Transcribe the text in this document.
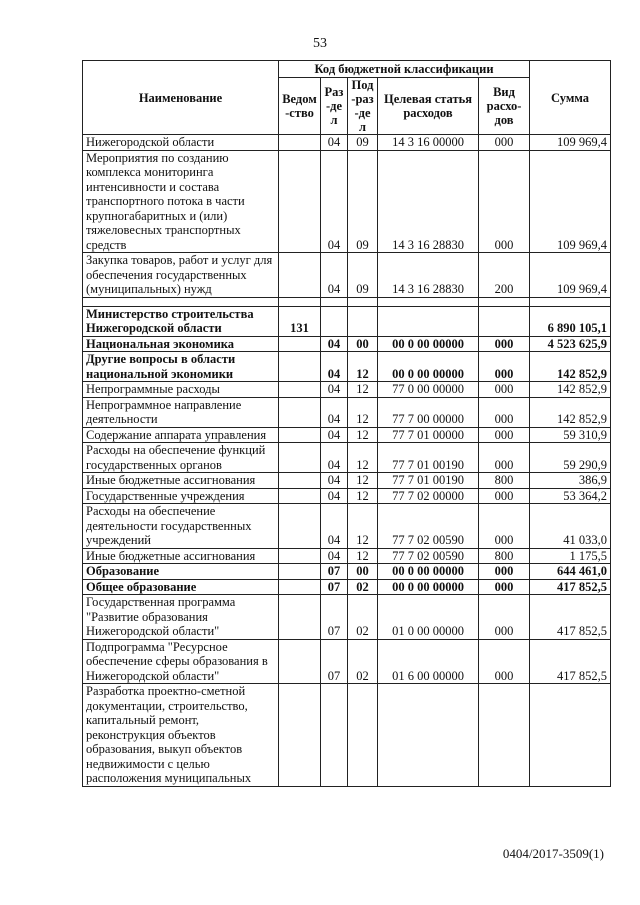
53
Наименование	Код бюджетной классификации					Сумма
	Ведом-ство	Раз-дел	Под-раз-дел	Целевая статья расходов	Вид расхо-дов	
Нижегородской области		04	09	14 3 16 00000	000	109 969,4
Мероприятия по созданию комплекса мониторинга интенсивности и состава транспортного потока в части крупногабаритных и (или) тяжеловесных транспортных средств		04	09	14 3 16 28830	000	109 969,4
Закупка товаров, работ и услуг для обеспечения государственных (муниципальных) нужд		04	09	14 3 16 28830	200	109 969,4

Министерство строительства Нижегородской области	131					6 890 105,1
Национальная экономика		04	00	00 0 00 00000	000	4 523 625,9
Другие вопросы в области национальной экономики		04	12	00 0 00 00000	000	142 852,9
Непрограммные расходы		04	12	77 0 00 00000	000	142 852,9
Непрограммное направление деятельности		04	12	77 7 00 00000	000	142 852,9
Содержание аппарата управления		04	12	77 7 01 00000	000	59 310,9
Расходы на обеспечение функций государственных органов		04	12	77 7 01 00190	000	59 290,9
Иные бюджетные ассигнования		04	12	77 7 01 00190	800	386,9
Государственные учреждения		04	12	77 7 02 00000	000	53 364,2
Расходы на обеспечение деятельности государственных учреждений		04	12	77 7 02 00590	000	41 033,0
Иные бюджетные ассигнования		04	12	77 7 02 00590	800	1 175,5
Образование		07	00	00 0 00 00000	000	644 461,0
Общее образование		07	02	00 0 00 00000	000	417 852,5
Государственная программа "Развитие образования Нижегородской области"		07	02	01 0 00 00000	000	417 852,5
Подпрограмма "Ресурсное обеспечение сферы образования в Нижегородской области"		07	02	01 6 00 00000	000	417 852,5
Разработка проектно-сметной документации, строительство, капитальный ремонт, реконструкция объектов образования, выкуп объектов недвижимости с целью расположения муниципальных						
0404/2017-3509(1)
